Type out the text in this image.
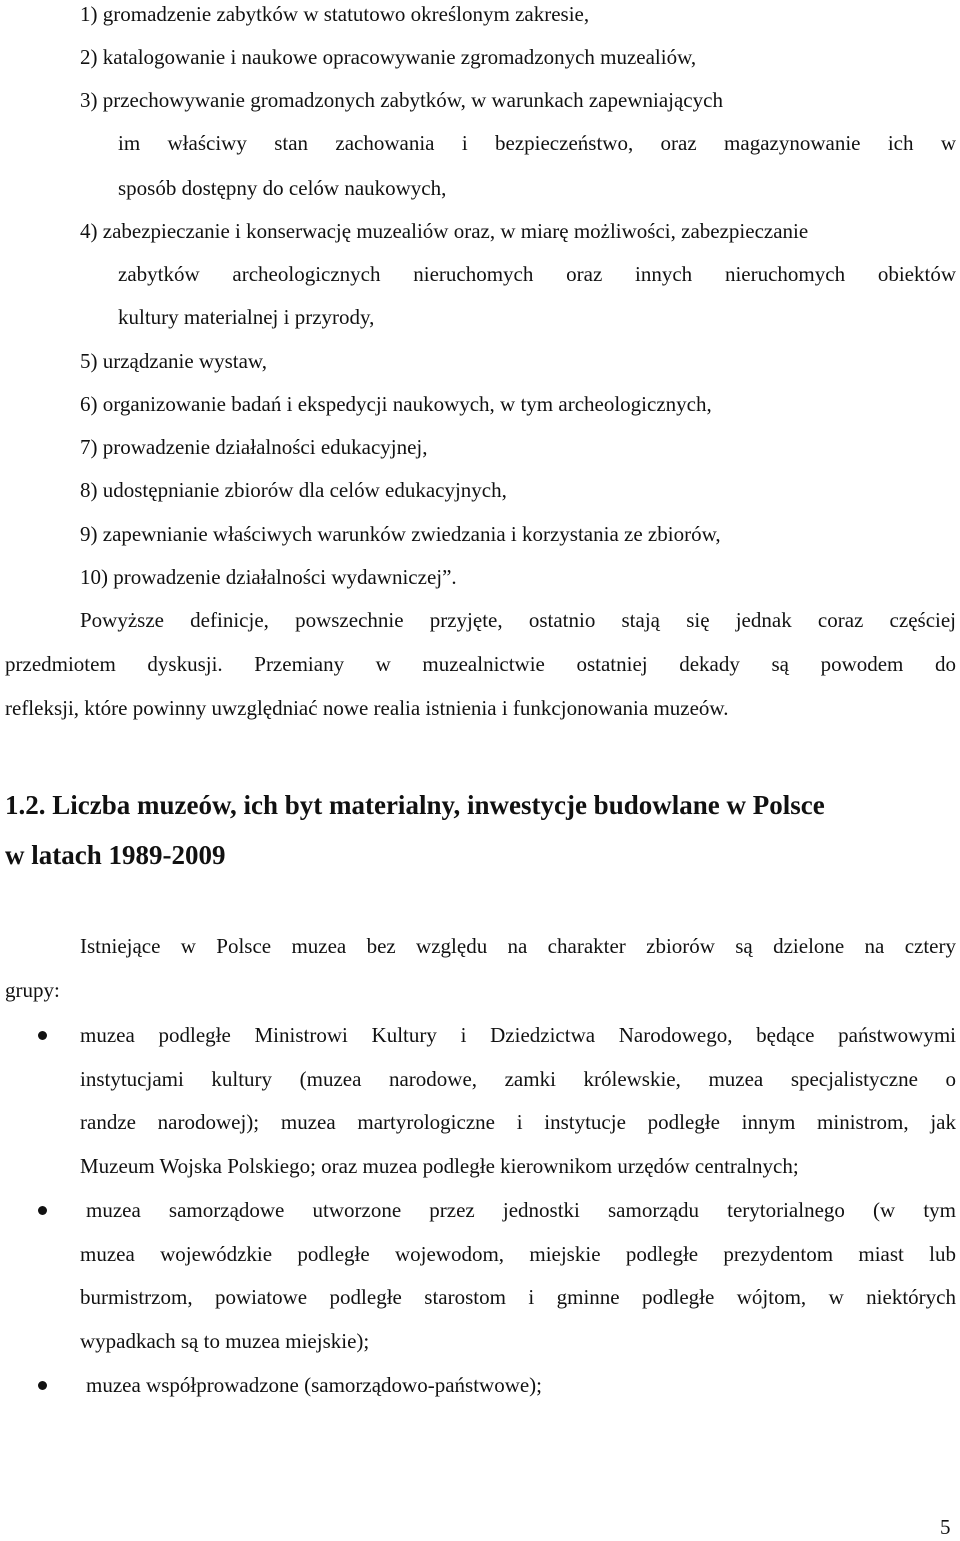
1) gromadzenie zabytków w statutowo określonym zakresie,
2) katalogowanie i naukowe opracowywanie zgromadzonych muzealiów,
3) przechowywanie gromadzonych zabytków, w warunkach zapewniających
im właściwy stan zachowania i bezpieczeństwo, oraz magazynowanie ich w
sposób dostępny do celów naukowych,
4) zabezpieczanie i konserwację muzealiów oraz, w miarę możliwości, zabezpieczanie
zabytków archeologicznych nieruchomych oraz innych nieruchomych obiektów
kultury materialnej i przyrody,
5) urządzanie wystaw,
6) organizowanie badań i ekspedycji naukowych, w tym archeologicznych,
7) prowadzenie działalności edukacyjnej,
8) udostępnianie zbiorów dla celów edukacyjnych,
9) zapewnianie właściwych warunków zwiedzania i korzystania ze zbiorów,
10) prowadzenie działalności wydawniczej”.
Powyższe definicje, powszechnie przyjęte, ostatnio stają się jednak coraz częściej
przedmiotem dyskusji. Przemiany w muzealnictwie ostatniej dekady są powodem do
refleksji, które powinny uwzględniać nowe realia istnienia i funkcjonowania muzeów.
1.2. Liczba muzeów, ich byt materialny, inwestycje budowlane w Polsce
w latach 1989-2009
Istniejące w Polsce muzea bez względu na charakter zbiorów są dzielone na cztery
grupy:
muzea podległe Ministrowi Kultury i Dziedzictwa Narodowego, będące państwowymi
instytucjami kultury (muzea narodowe, zamki królewskie, muzea specjalistyczne o
randze narodowej); muzea martyrologiczne i instytucje podległe innym ministrom, jak
Muzeum Wojska Polskiego; oraz muzea podległe kierownikom urzędów centralnych;
muzea samorządowe utworzone przez jednostki samorządu terytorialnego (w tym
muzea wojewódzkie podległe wojewodom, miejskie podległe prezydentom miast lub
burmistrzom, powiatowe podległe starostom i gminne podległe wójtom, w niektórych
wypadkach są to muzea miejskie);
muzea współprowadzone (samorządowo-państwowe);
5
